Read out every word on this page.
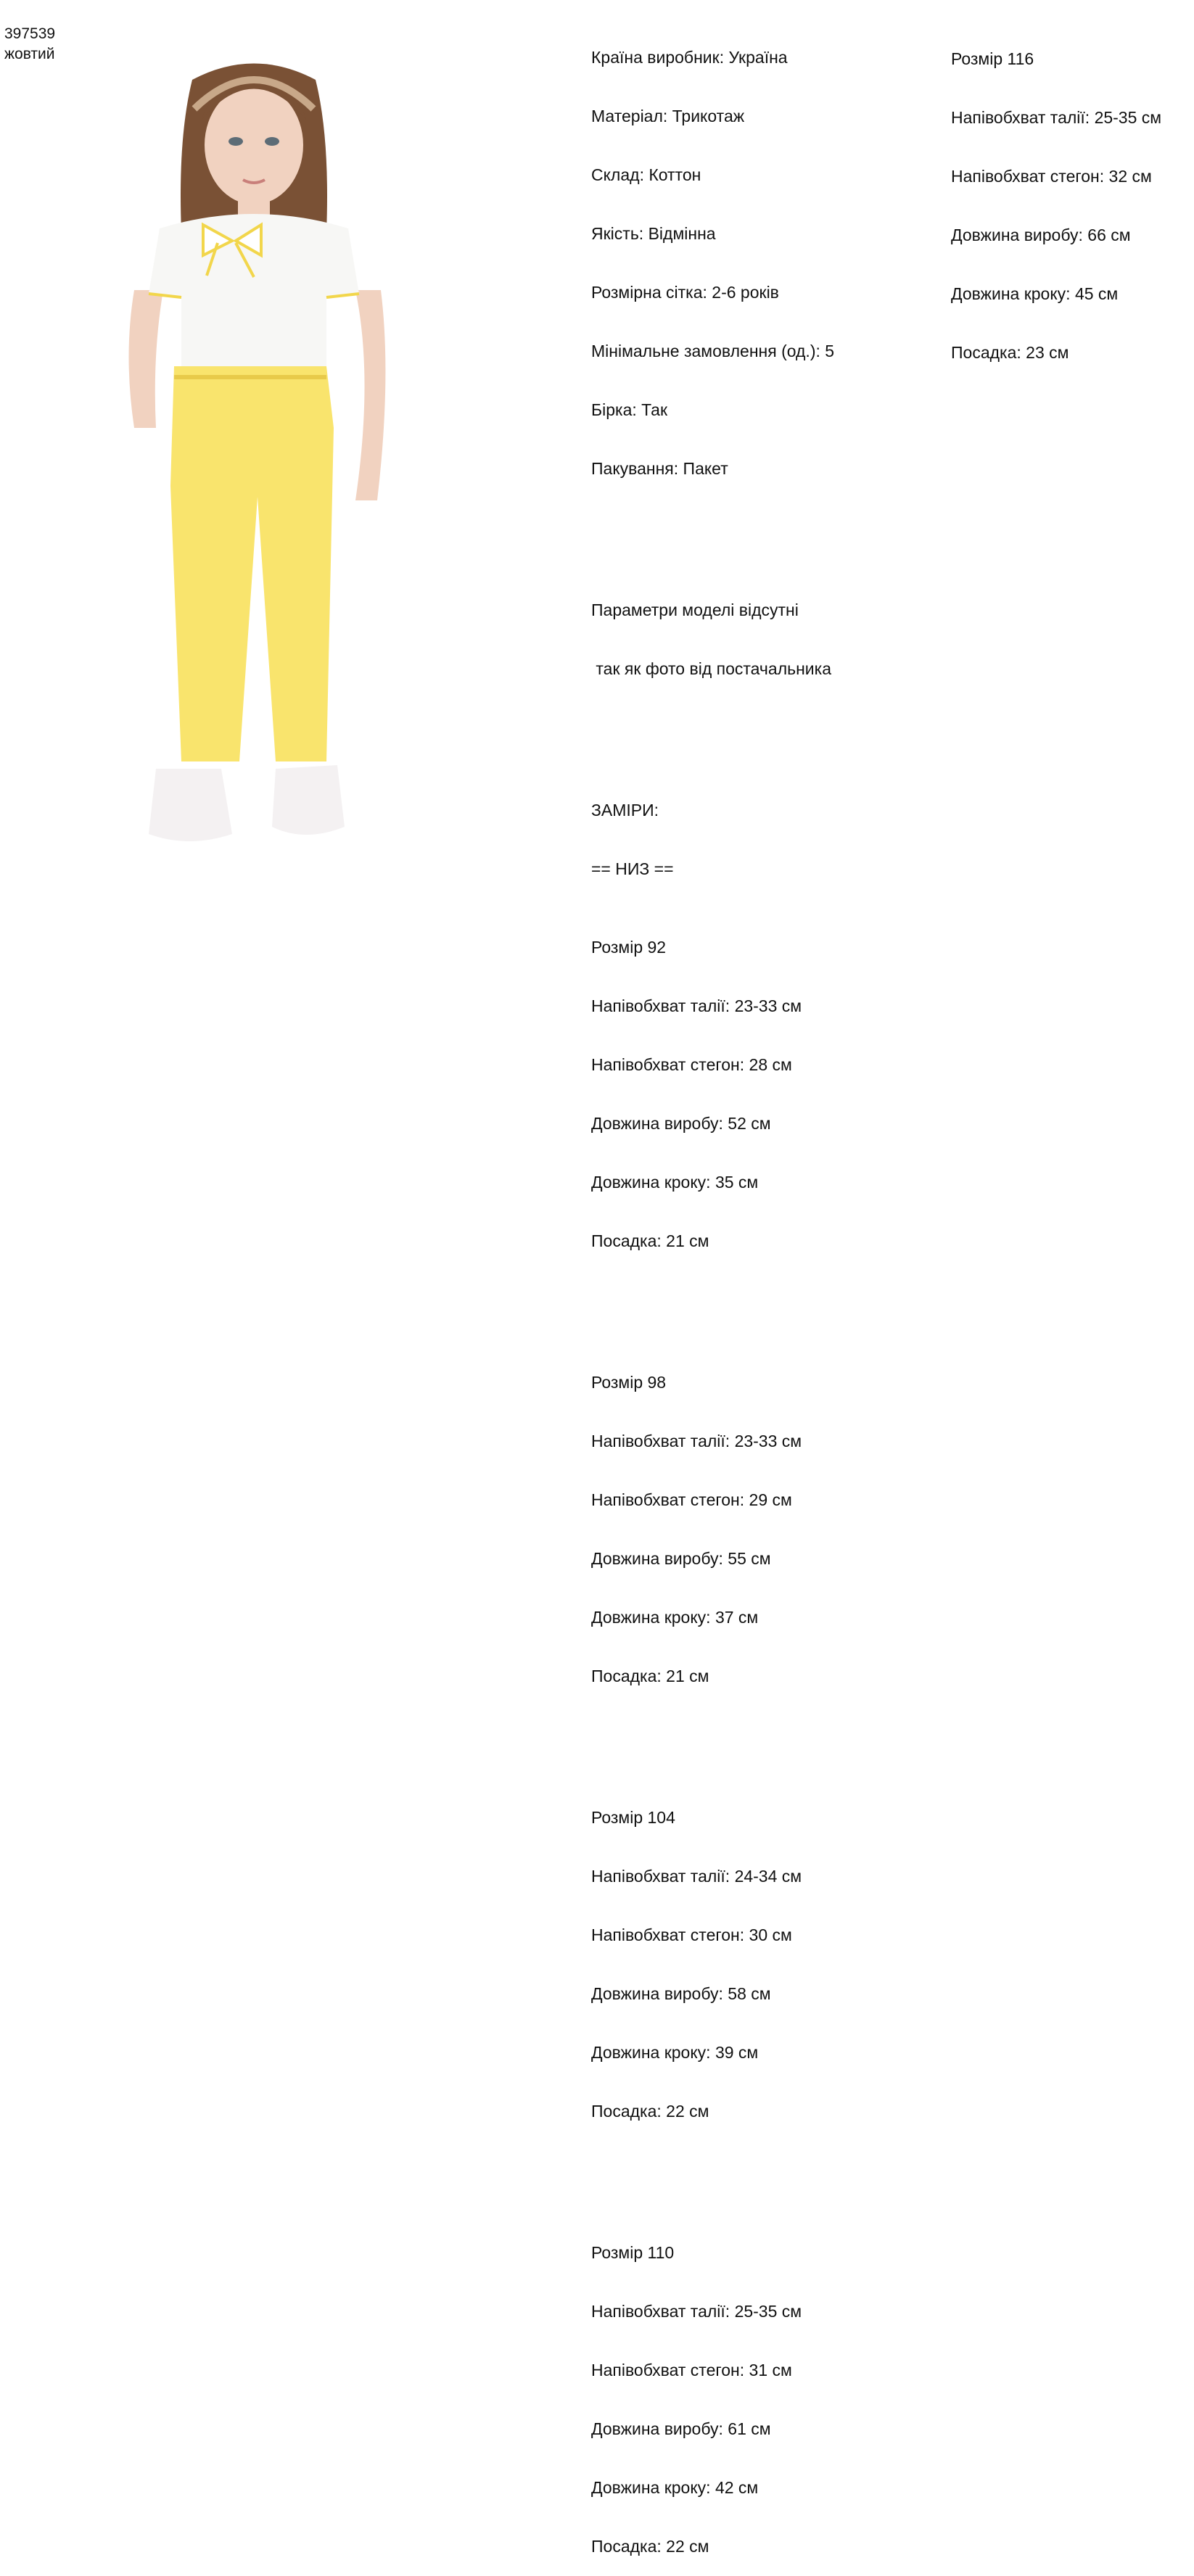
397539
жовтий

	Країна виробник: Україна

Матеріал: Трикотаж

Склад: Коттон

Якість: Відмінна

Розмірна сітка: 2-6 років

Мінімальне замовлення (од.): 5

Бірка: Так

Пакування: Пакет

Параметри моделі відсутні

так як фото від постачальника

ЗАМІРИ:

== НИЗ ==

Розмір 92

Напівобхват талії: 23-33 см

Напівобхват стегон: 28 см

Довжина виробу: 52 см

Довжина кроку: 35 см

Посадка: 21 см

Розмір 98

Напівобхват талії: 23-33 см

Напівобхват стегон: 29 см

Довжина виробу: 55 см

Довжина кроку: 37 см

Посадка: 21 см

Розмір 104

Напівобхват талії: 24-34 см

Напівобхват стегон: 30 см

Довжина виробу: 58 см

Довжина кроку: 39 см

Посадка: 22 см

Розмір 110

Напівобхват талії: 25-35 см

Напівобхват стегон: 31 см

Довжина виробу: 61 см

Довжина кроку: 42 см

Посадка: 22 см

Розмір 116

Напівобхват талії: 25-35 см

Напівобхват стегон: 32 см

Довжина виробу: 66 см

Довжина кроку: 45 см

Посадка: 23 см
